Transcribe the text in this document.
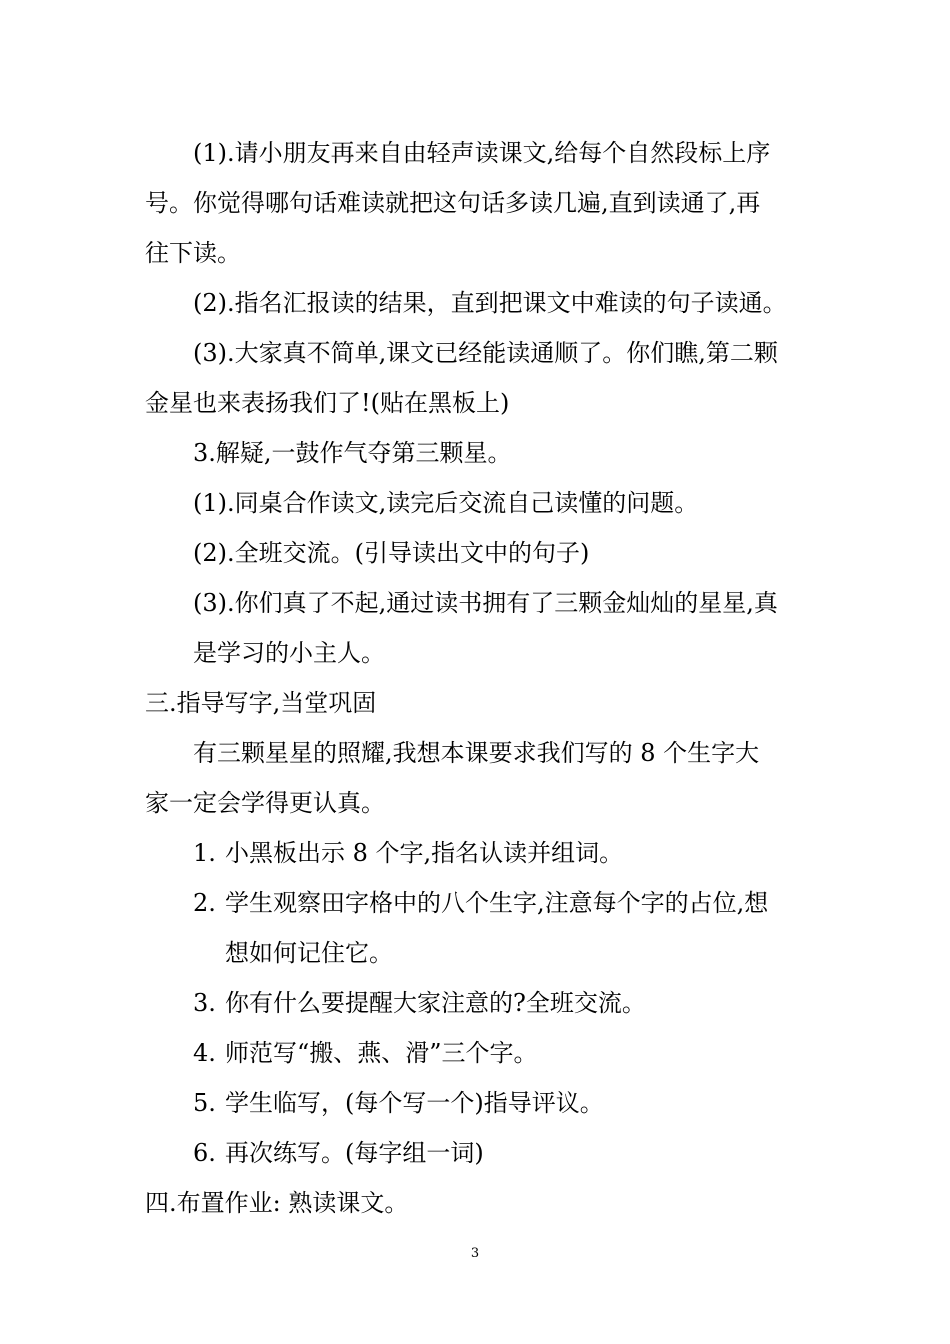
(1).请小朋友再来自由轻声读课文,给每个自然段标上序
号。你觉得哪句话难读就把这句话多读几遍,直到读通了,再
往下读。
(2).指名汇报读的结果，直到把课文中难读的句子读通。
(3).大家真不简单,课文已经能读通顺了。你们瞧,第二颗
金星也来表扬我们了!(贴在黑板上)
3.解疑,一鼓作气夺第三颗星。
(1).同桌合作读文,读完后交流自己读懂的问题。
(2).全班交流。(引导读出文中的句子)
(3).你们真了不起,通过读书拥有了三颗金灿灿的星星,真
是学习的小主人。
三.指导写字,当堂巩固
有三颗星星的照耀,我想本课要求我们写的 8 个生字大
家一定会学得更认真。
1. 小黑板出示 8 个字,指名认读并组词。
2. 学生观察田字格中的八个生字,注意每个字的占位,想
想如何记住它。
3. 你有什么要提醒大家注意的?全班交流。
4. 师范写“搬、燕、滑”三个字。
5. 学生临写，(每个写一个)指导评议。
6. 再次练写。(每字组一词)
四.布置作业: 熟读课文。
3
